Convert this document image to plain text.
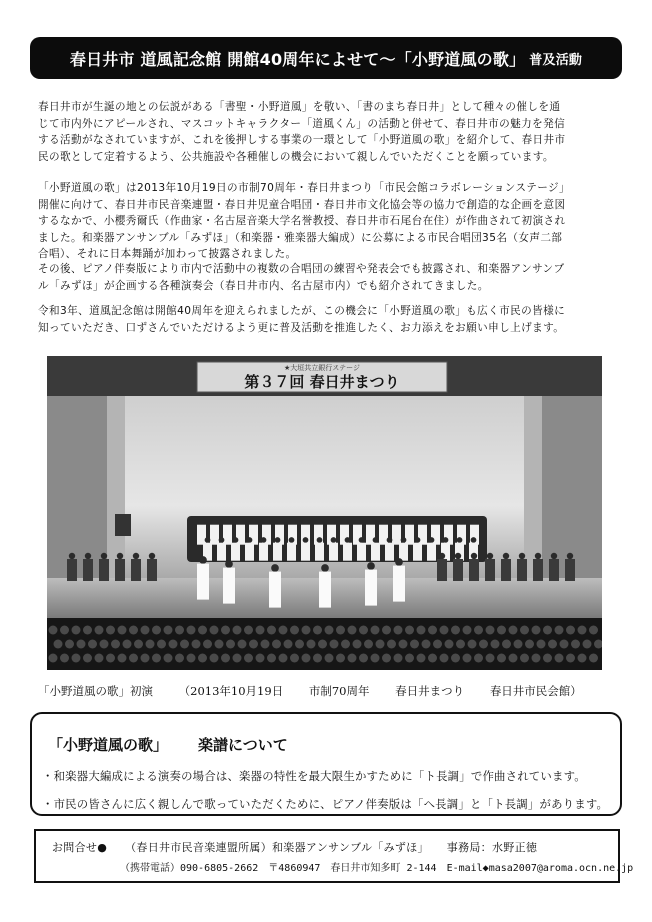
春日井市 道風記念館 開館40周年によせて～「小野道風の歌」 普及活動

春日井市が生誕の地との伝説がある「書聖・小野道風」を敬い、「書のまち春日井」として種々の催しを通

じて市内外にアピールされ、マスコットキャラクター「道風くん」の活動と併せて、春日井市の魅力を発信

する活動がなされていますが、これを後押しする事業の一環として「小野道風の歌」を紹介して、春日井市

民の歌として定着するよう、公共施設や各種催しの機会において親しんでいただくことを願っています。

「小野道風の歌」は2013年10月19日の市制70周年・春日井まつり「市民会館コラボレーションステージ」

開催に向けて、春日井市民音楽連盟・春日井児童合唱団・春日井市文化協会等の協力で創造的な企画を意図

するなかで、小櫻秀爾氏（作曲家・名古屋音楽大学名誉教授、春日井市石尾台在住）が作曲されて初演され

ました。和楽器アンサンブル「みずほ」（和楽器・雅楽器大編成）に公募による市民合唱団35名（女声二部

合唱）、それに日本舞踊が加わって披露されました。

その後、ピアノ伴奏版により市内で活動中の複数の合唱団の練習や発表会でも披露され、和楽器アンサンブ

ル「みずほ」が企画する各種演奏会（春日井市内、名古屋市内）でも紹介されてきました。

令和3年、道風記念館は開館40周年を迎えられましたが、この機会に「小野道風の歌」も広く市民の皆様に

知っていただき、口ずさんでいただけるよう更に普及活動を推進したく、お力添えをお願い申し上げます。

★大垣共立銀行ステージ
第３７回 春日井まつり
「小野道風の歌」初演 （2013年10月19日 市制70周年 春日井まつり 春日井市民会館）
「小野道風の歌」 楽譜について
・和楽器大編成による演奏の場合は、楽器の特性を最大限生かすために「ト長調」で作曲されています。
・市民の皆さんに広く親しんで歌っていただくために、ピアノ伴奏版は「へ長調」と「ト長調」があります。
お問合せ● （春日井市民音楽連盟所属）和楽器アンサンブル「みずほ」 事務局：水野正徳
（携帯電話）090-6805-2662 〒4860947　春日井市知多町 2-144 E-mail◆masa2007@aroma.ocn.ne.jp
